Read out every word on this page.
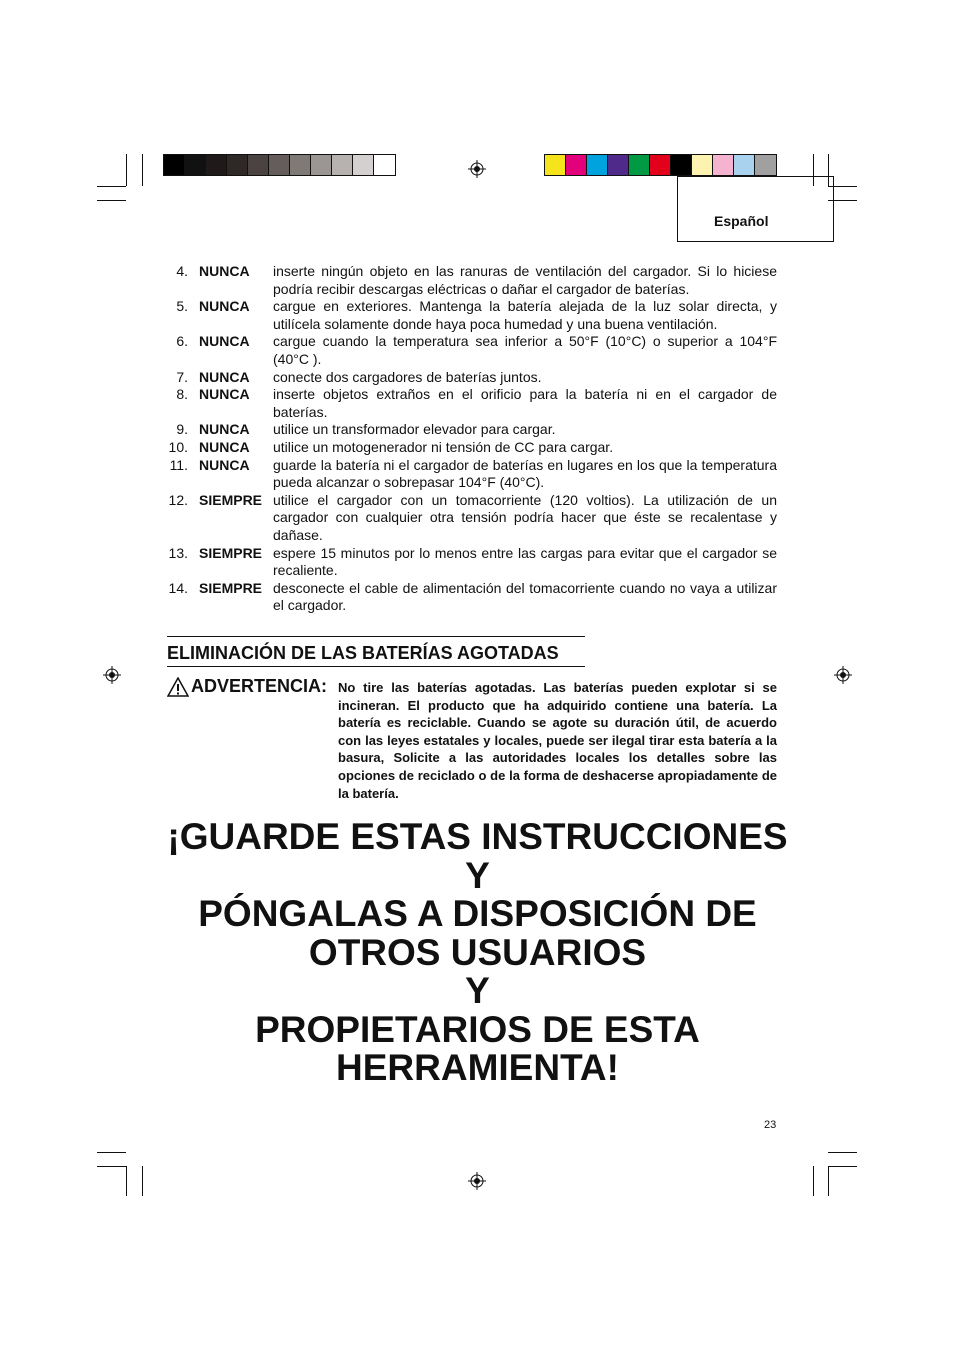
Español
4. NUNCA	inserte ningún objeto en las ranuras de ventilación del cargador. Si lo hiciese podría recibir descargas eléctricas o dañar el cargador de baterías.
5. NUNCA	cargue en exteriores. Mantenga la batería alejada de la luz solar directa, y utilícela solamente donde haya poca humedad y una buena ventilación.
6. NUNCA	cargue cuando la temperatura sea inferior a 50°F (10°C) o superior a 104°F (40°C ).
7. NUNCA	conecte dos cargadores de baterías juntos.
8. NUNCA	inserte objetos extraños en el orificio para la batería ni en el cargador de baterías.
9. NUNCA	utilice un transformador elevador para cargar.
10. NUNCA	utilice un motogenerador ni tensión de CC para cargar.
11. NUNCA	guarde la batería ni el cargador de baterías en lugares en los que la temperatura pueda alcanzar o sobrepasar 104°F (40°C).
12. SIEMPRE utilice el cargador con un tomacorriente (120 voltios). La utilización de un cargador con cualquier otra tensión podría hacer que éste se recalentase y dañase.
13. SIEMPRE espere 15 minutos por lo menos entre las cargas para evitar que el cargador se recaliente.
14. SIEMPRE desconecte el cable de alimentación del tomacorriente cuando no vaya a utilizar el cargador.
ELIMINACIÓN DE LAS BATERÍAS AGOTADAS
ADVERTENCIA: No tire las baterías agotadas. Las baterías pueden explotar si se incineran. El producto que ha adquirido contiene una batería. La batería es reciclable. Cuando se agote su duración útil, de acuerdo con las leyes estatales y locales, puede ser ilegal tirar esta batería a la basura, Solicite a las autoridades locales los detalles sobre las opciones de reciclado o de la forma de deshacerse apropiadamente de la batería.
¡GUARDE ESTAS INSTRUCCIONES
Y
PÓNGALAS A DISPOSICIÓN DE
OTROS USUARIOS
Y
PROPIETARIOS DE ESTA
HERRAMIENTA!
23
